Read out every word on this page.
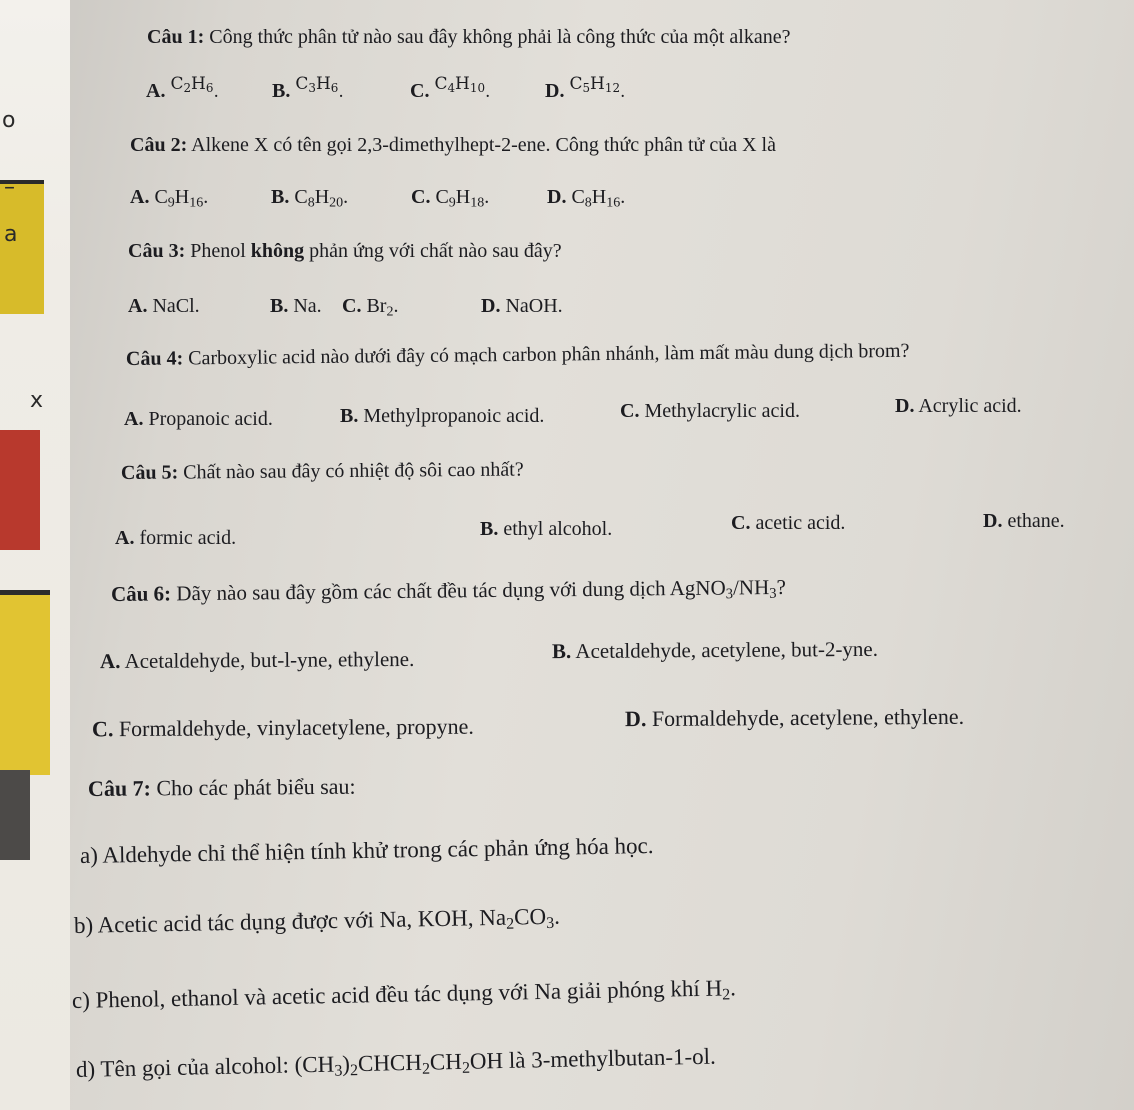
o
–
a
x
Câu 1: Công thức phân tử nào sau đây không phải là công thức của một alkane?
A. $^{C_2H_6.}$	B. $^{C_3H_6.}$	C. $^{C_4H_{10}.}$	D. $^{C_5H_{12}.}$
Câu 2: Alkene X có tên gọi 2,3-dimethylhept-2-ene. Công thức phân tử của X là
A. $C_9H_{16}$.	B. $C_8H_{20}$.	C. $C_9H_{18}$.	D. $C_8H_{16}$.
Câu 3: Phenol không phản ứng với chất nào sau đây?
A. NaCl.	B. Na. C. $Br_2$.	D. NaOH.
Câu 4: Carboxylic acid nào dưới đây có mạch carbon phân nhánh, làm mất màu dung dịch brom?
A. Propanoic acid.	B. Methylpropanoic acid.	C. Methylacrylic acid.	D. Acrylic acid.
Câu 5: Chất nào sau đây có nhiệt độ sôi cao nhất?
A. formic acid.	B. ethyl alcohol.	C. acetic acid.	D. ethane.
Câu 6: Dãy nào sau đây gồm các chất đều tác dụng với dung dịch $AgNO_3/NH_3$?
A. Acetaldehyde, but-l-yne, ethylene.	B. Acetaldehyde, acetylene, but-2-yne.
C. Formaldehyde, vinylacetylene, propyne.	D. Formaldehyde, acetylene, ethylene.
Câu 7: Cho các phát biểu sau:
a) Aldehyde chỉ thể hiện tính khử trong các phản ứng hóa học.
b) Acetic acid tác dụng được với Na, KOH, $Na_2CO_3$.
c) Phenol, ethanol và acetic acid đều tác dụng với Na giải phóng khí $H_2$.
d) Tên gọi của alcohol: $(CH_3)_2CHCH_2CH_2OH$ là 3-methylbutan-1-ol.
